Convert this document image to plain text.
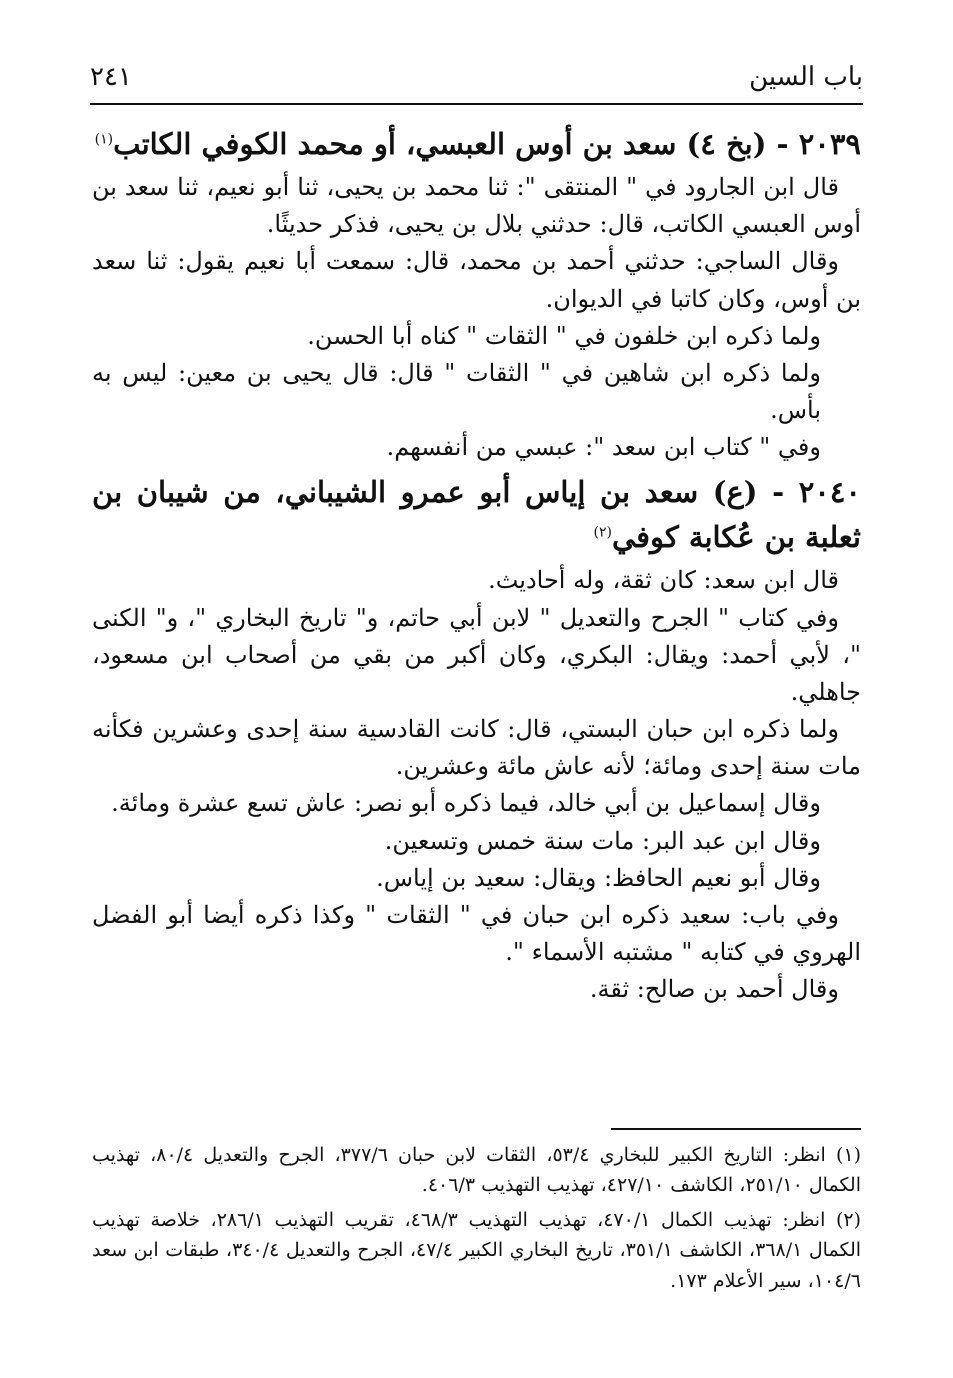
باب السين
٢٤١
٢٠٣٩ - (بخ ٤) سعد بن أوس العبسي، أو محمد الكوفي الكاتب$^{(١)}$

قال ابن الجارود في " المنتقى ": ثنا محمد بن يحيى، ثنا أبو نعيم، ثنا سعد بن أوس العبسي الكاتب، قال: حدثني بلال بن يحيى، فذكر حديثًا.

وقال الساجي: حدثني أحمد بن محمد، قال: سمعت أبا نعيم يقول: ثنا سعد بن أوس، وكان كاتبا في الديوان.

ولما ذكره ابن خلفون في " الثقات " كناه أبا الحسن.

ولما ذكره ابن شاهين في " الثقات " قال: قال يحيى بن معين: ليس به بأس.

وفي " كتاب ابن سعد ": عبسي من أنفسهم.

٢٠٤٠ - (ع) سعد بن إياس أبو عمرو الشيباني، من شيبان بن ثعلبة بن عُكابة كوفي$^{(٢)}$

قال ابن سعد: كان ثقة، وله أحاديث.

وفي كتاب " الجرح والتعديل " لابن أبي حاتم، و" تاريخ البخاري "، و" الكنى "، لأبي أحمد: ويقال: البكري، وكان أكبر من بقي من أصحاب ابن مسعود، جاهلي.

ولما ذكره ابن حبان البستي، قال: كانت القادسية سنة إحدى وعشرين فكأنه مات سنة إحدى ومائة؛ لأنه عاش مائة وعشرين.

وقال إسماعيل بن أبي خالد، فيما ذكره أبو نصر: عاش تسع عشرة ومائة.

وقال ابن عبد البر: مات سنة خمس وتسعين.

وقال أبو نعيم الحافظ: ويقال: سعيد بن إياس.

وفي باب: سعيد ذكره ابن حبان في " الثقات " وكذا ذكره أيضا أبو الفضل الهروي في كتابه " مشتبه الأسماء ".

وقال أحمد بن صالح: ثقة.

(١) انظر: التاريخ الكبير للبخاري ٥٣/٤، الثقات لابن حبان ٣٧٧/٦، الجرح والتعديل ٨٠/٤، تهذيب الكمال ٢٥١/١٠، الكاشف ٤٢٧/١٠، تهذيب التهذيب ٤٠٦/٣.

(٢) انظر: تهذيب الكمال ٤٧٠/١، تهذيب التهذيب ٤٦٨/٣، تقريب التهذيب ٢٨٦/١، خلاصة تهذيب الكمال ٣٦٨/١، الكاشف ٣٥١/١، تاريخ البخاري الكبير ٤٧/٤، الجرح والتعديل ٣٤٠/٤، طبقات ابن سعد ١٠٤/٦، سير الأعلام ١٧٣.
